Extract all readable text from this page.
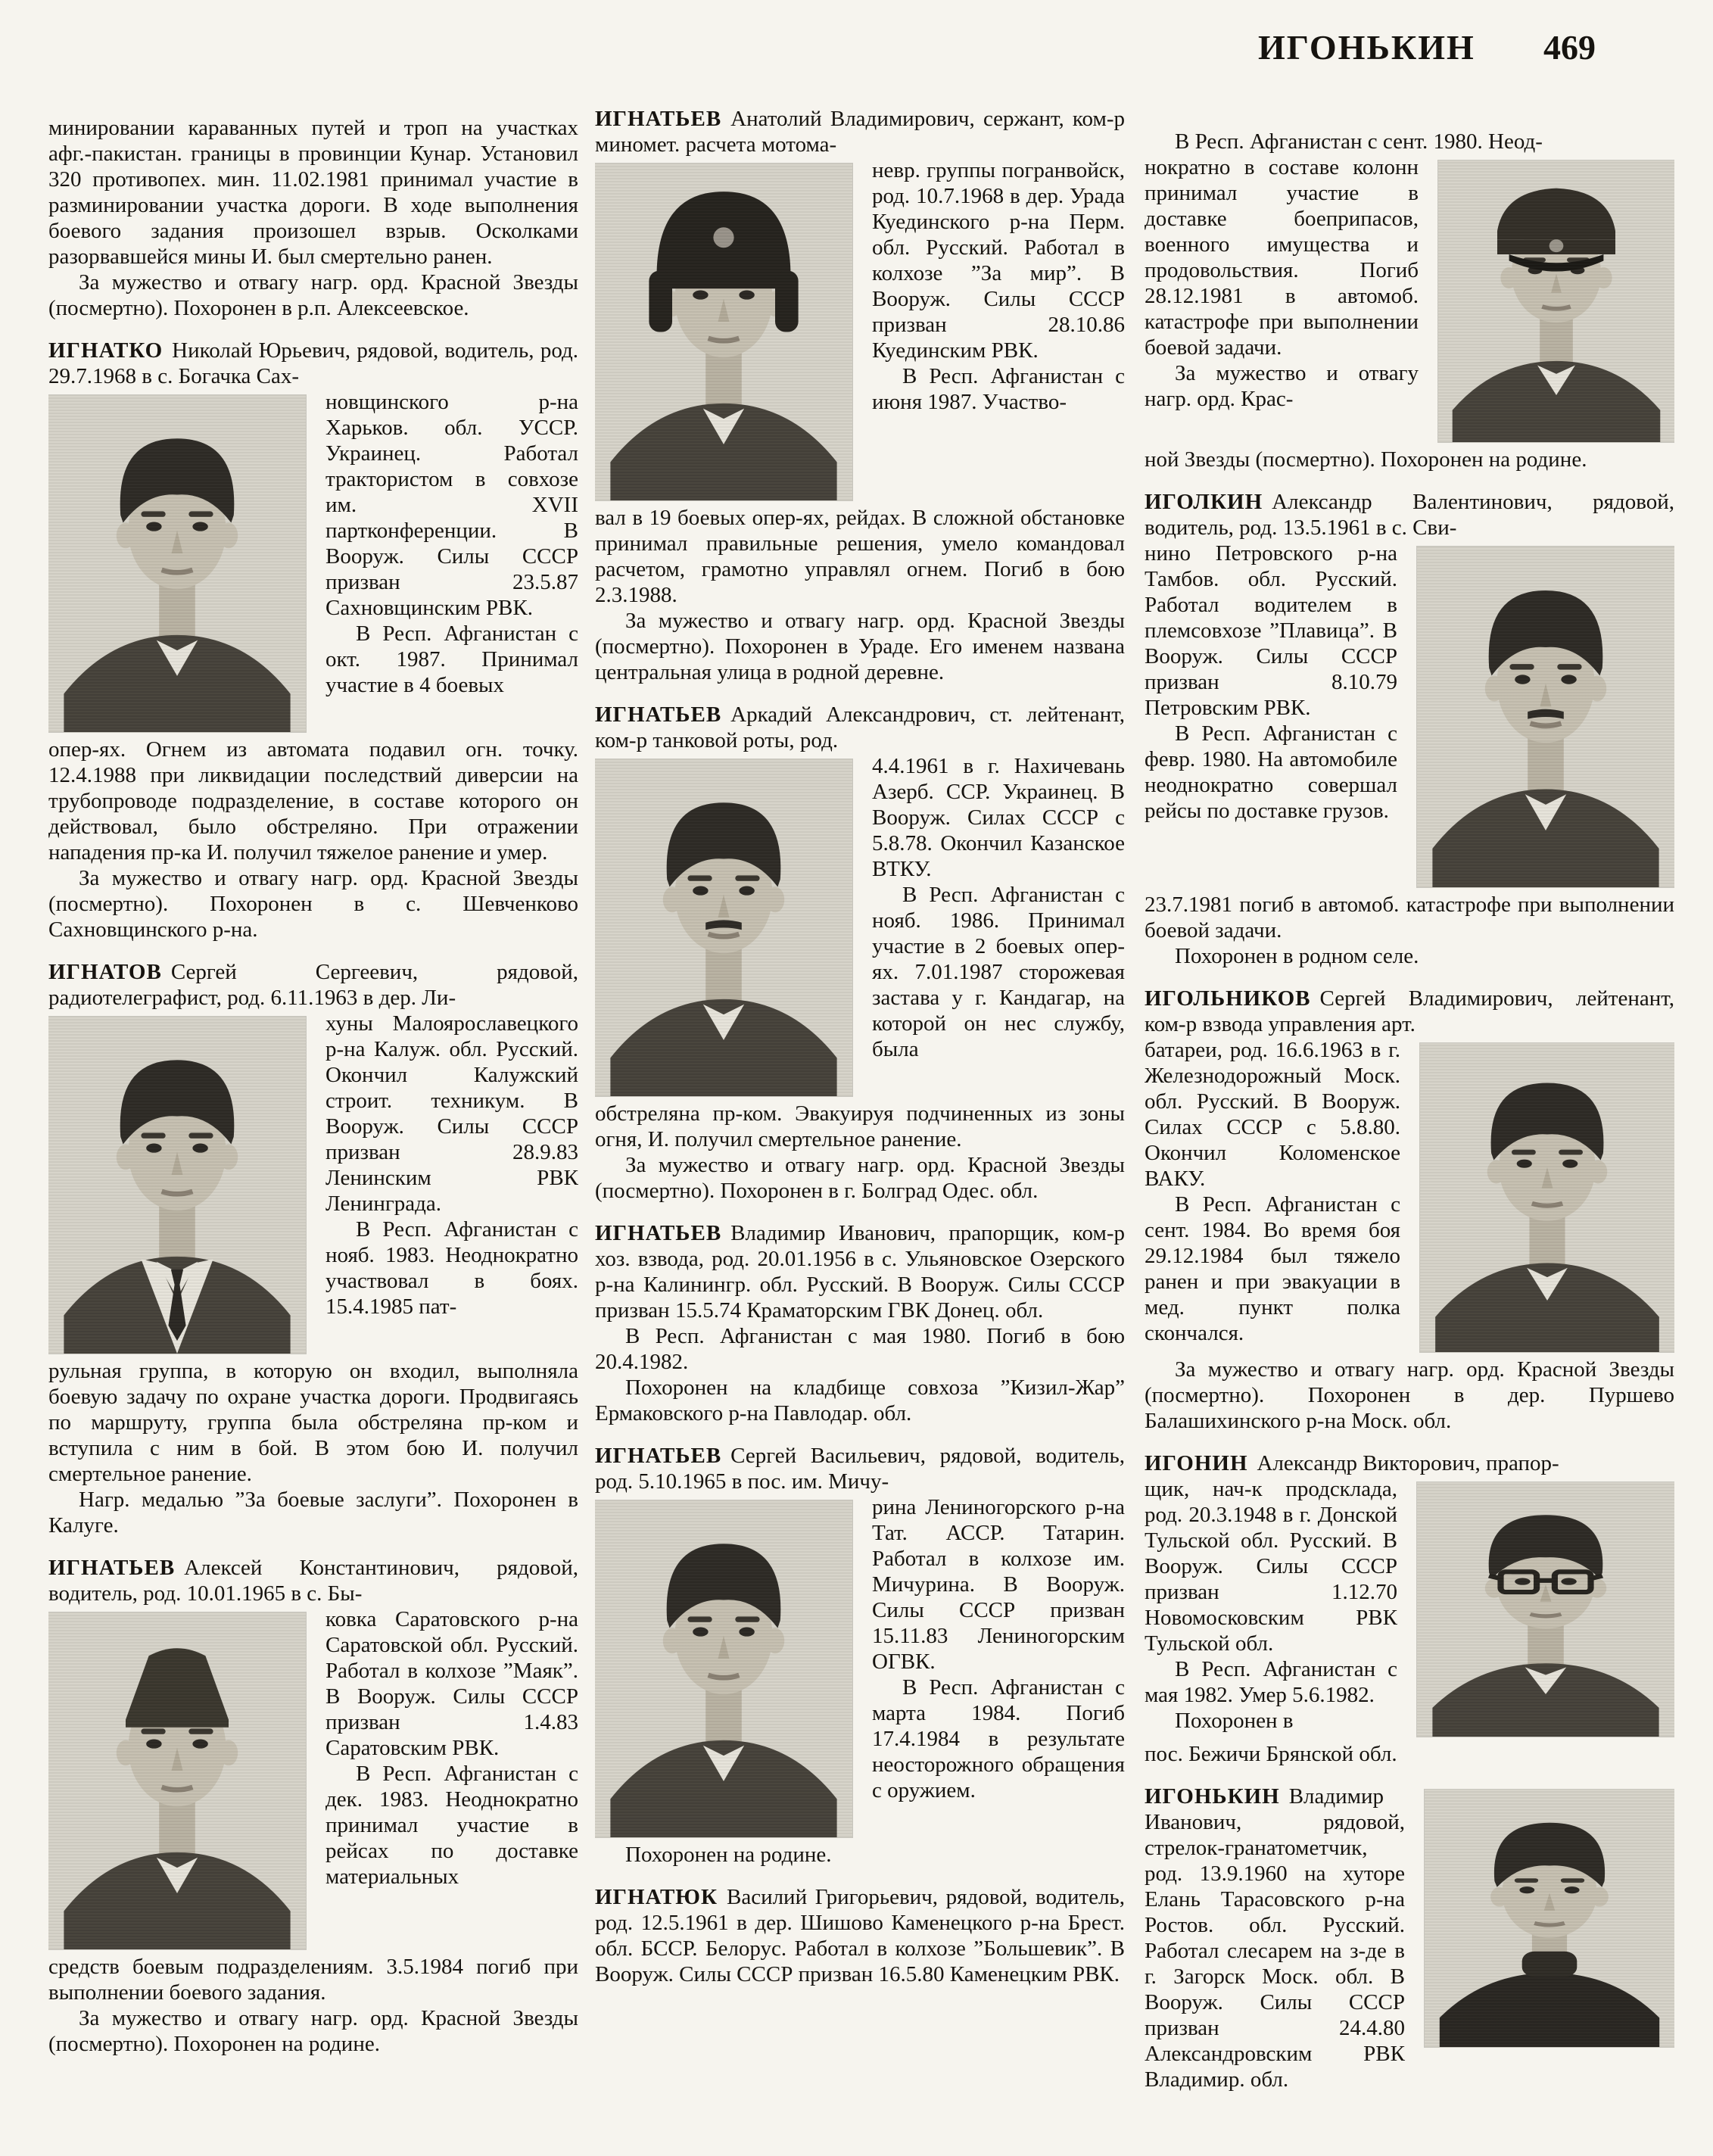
ИГОНЬКИН 469

минировании караванных путей и троп на участках афг.-пакистан. границы в провинции Кунар. Установил 320 противопех. мин. 11.02.1981 принимал участие в разминировании участка дороги. В ходе выполнения боевого задания произошел взрыв. Осколками разорвавшейся мины И. был смертельно ранен.

За мужество и отвагу нагр. орд. Красной Звезды (посмертно). Похоронен в р.п. Алексеевское.

ИГНАТКО Николай Юрьевич, рядовой, водитель, род. 29.7.1968 в с. Богачка Сах-

новщинского р-на Харьков. обл. УССР. Украинец. Работал трактористом в совхозе им. XVII партконференции. В Вооруж. Силы СССР призван 23.5.87 Сахновщинским РВК.

В Респ. Афганистан с окт. 1987. Принимал участие в 4 боевых

опер-ях. Огнем из автомата подавил огн. точку. 12.4.1988 при ликвидации последствий диверсии на трубопроводе подразделение, в составе которого он действовал, было обстреляно. При отражении нападения пр-ка И. получил тяжелое ранение и умер.

За мужество и отвагу нагр. орд. Красной Звезды (посмертно). Похоронен в с. Шевченково Сахновщинского р-на.

ИГНАТОВ Сергей Сергеевич, рядовой, радиотелеграфист, род. 6.11.1963 в дер. Ли-

хуны Малоярославецкого р-на Калуж. обл. Русский. Окончил Калужский строит. техникум. В Вооруж. Силы СССР призван 28.9.83 Ленинским РВК Ленинграда.

В Респ. Афганистан с нояб. 1983. Неоднократно участвовал в боях. 15.4.1985 пат-

рульная группа, в которую он входил, выполняла боевую задачу по охране участка дороги. Продвигаясь по маршруту, группа была обстреляна пр-ком и вступила с ним в бой. В этом бою И. получил смертельное ранение.

Нагр. медалью ”За боевые заслуги”. Похоронен в Калуге.

ИГНАТЬЕВ Алексей Константинович, рядовой, водитель, род. 10.01.1965 в с. Бы-

ковка Саратовского р-на Саратовской обл. Русский. Работал в колхозе ”Маяк”. В Вооруж. Силы СССР призван 1.4.83 Саратовским РВК.

В Респ. Афганистан с дек. 1983. Неоднократно принимал участие в рейсах по доставке материальных

средств боевым подразделениям. 3.5.1984 погиб при выполнении боевого задания.

За мужество и отвагу нагр. орд. Красной Звезды (посмертно). Похоронен на родине.

ИГНАТЬЕВ Анатолий Владимирович, сержант, ком-р миномет. расчета мотома-

невр. группы погранвойск, род. 10.7.1968 в дер. Урада Куединского р-на Перм. обл. Русский. Работал в колхозе ”За мир”. В Вооруж. Силы СССР призван 28.10.86 Куединским РВК.

В Респ. Афганистан с июня 1987. Участво-

вал в 19 боевых опер-ях, рейдах. В сложной обстановке принимал правильные решения, умело командовал расчетом, грамотно управлял огнем. Погиб в бою 2.3.1988.

За мужество и отвагу нагр. орд. Красной Звезды (посмертно). Похоронен в Ураде. Его именем названа центральная улица в родной деревне.

ИГНАТЬЕВ Аркадий Александрович, ст. лейтенант, ком-р танковой роты, род.

4.4.1961 в г. Нахичевань Азерб. ССР. Украинец. В Вооруж. Силах СССР с 5.8.78. Окончил Казанское ВТКУ.

В Респ. Афганистан с нояб. 1986. Принимал участие в 2 боевых опер-ях. 7.01.1987 сторожевая застава у г. Кандагар, на которой он нес службу, была

обстреляна пр-ком. Эвакуируя подчиненных из зоны огня, И. получил смертельное ранение.

За мужество и отвагу нагр. орд. Красной Звезды (посмертно). Похоронен в г. Болград Одес. обл.

ИГНАТЬЕВ Владимир Иванович, прапорщик, ком-р хоз. взвода, род. 20.01.1956 в с. Ульяновское Озерского р-на Калинингр. обл. Русский. В Вооруж. Силы СССР призван 15.5.74 Краматорским ГВК Донец. обл.

В Респ. Афганистан с мая 1980. Погиб в бою 20.4.1982.

Похоронен на кладбище совхоза ”Кизил-Жар” Ермаковского р-на Павлодар. обл.

ИГНАТЬЕВ Сергей Васильевич, рядовой, водитель, род. 5.10.1965 в пос. им. Мичу-

рина Лениногорского р-на Тат. АССР. Татарин. Работал в колхозе им. Мичурина. В Вооруж. Силы СССР призван 15.11.83 Лениногорским ОГВК.

В Респ. Афганистан с марта 1984. Погиб 17.4.1984 в результате неосторожного обращения с оружием.

Похоронен на родине.

ИГНАТЮК Василий Григорьевич, рядовой, водитель, род. 12.5.1961 в дер. Шишово Каменецкого р-на Брест. обл. БССР. Белорус. Работал в колхозе ”Большевик”. В Вооруж. Силы СССР призван 16.5.80 Каменецким РВК.

В Респ. Афганистан с сент. 1980. Неод-

нократно в составе колонн принимал участие в доставке боеприпасов, военного имущества и продовольствия. Погиб 28.12.1981 в автомоб. катастрофе при выполнении боевой задачи.

За мужество и отвагу нагр. орд. Крас-

ной Звезды (посмертно). Похоронен на родине.

ИГОЛКИН Александр Валентинович, рядовой, водитель, род. 13.5.1961 в с. Сви-

нино Петровского р-на Тамбов. обл. Русский. Работал водителем в племсовхозе ”Плавица”. В Вооруж. Силы СССР призван 8.10.79 Петровским РВК.

В Респ. Афганистан с февр. 1980. На автомобиле неоднократно совершал рейсы по доставке грузов.

23.7.1981 погиб в автомоб. катастрофе при выполнении боевой задачи.

Похоронен в родном селе.

ИГОЛЬНИКОВ Сергей Владимирович, лейтенант, ком-р взвода управления арт.

батареи, род. 16.6.1963 в г. Железнодорожный Моск. обл. Русский. В Вооруж. Силах СССР с 5.8.80. Окончил Коломенское ВАКУ.

В Респ. Афганистан с сент. 1984. Во время боя 29.12.1984 был тяжело ранен и при эвакуации в мед. пункт полка скончался.

За мужество и отвагу нагр. орд. Красной Звезды (посмертно). Похоронен в дер. Пуршево Балашихинского р-на Моск. обл.

ИГОНИН Александр Викторович, прапор-

щик, нач-к продсклада, род. 20.3.1948 в г. Донской Тульской обл. Русский. В Вооруж. Силы СССР призван 1.12.70 Новомосковским РВК Тульской обл.

В Респ. Афганистан с мая 1982. Умер 5.6.1982.

Похоронен в

пос. Бежичи Брянской обл.

ИГОНЬКИН Владимир Иванович, рядовой, стрелок-гранатометчик, род. 13.9.1960 на хуторе Елань Тарасовского р-на Ростов. обл. Русский. Работал слесарем на з-де в г. Загорск Моск. обл. В Вооруж. Силы СССР призван 24.4.80 Александровским РВК Владимир. обл.
